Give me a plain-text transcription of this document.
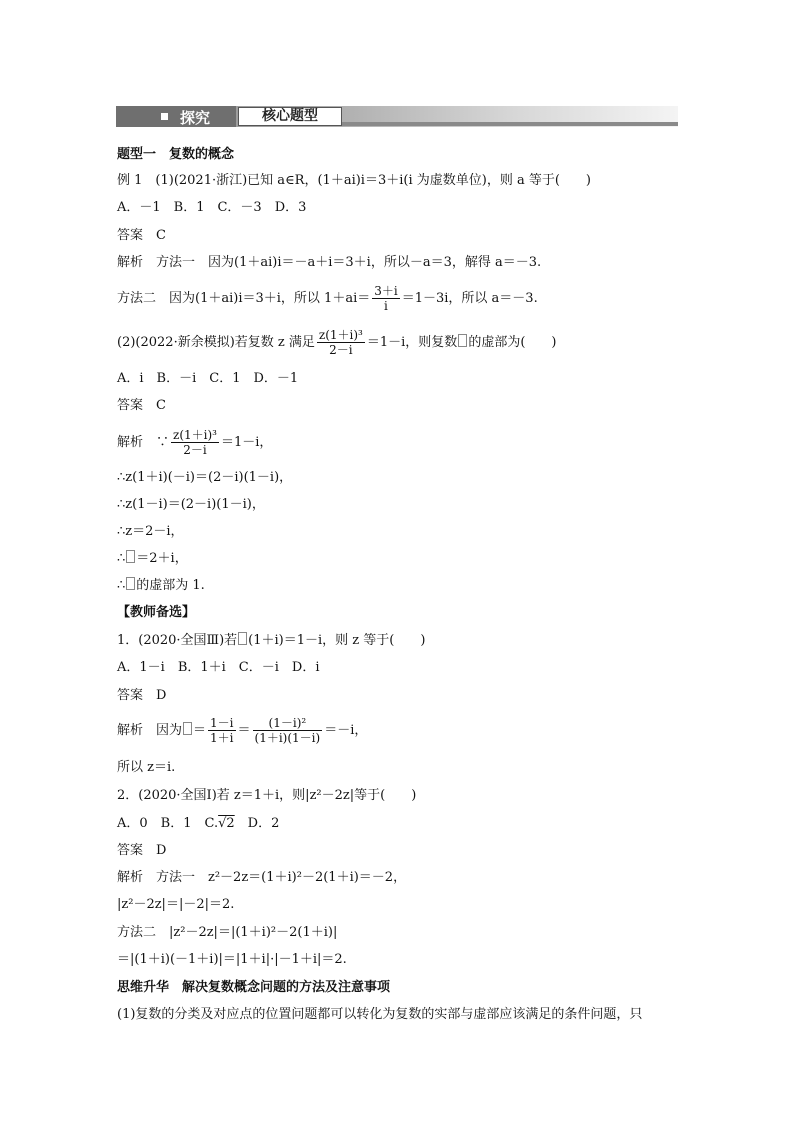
探究	核心题型
题型一　复数的概念
例 1　(1)(2021·浙江)已知 a∈R，(1＋ai)i＝3＋i(i 为虚数单位)，则 a 等于(　　)
A．－1　B．1　C．－3　D．3
答案　C
解析　方法一　因为(1＋ai)i＝－a＋i＝3＋i，所以－a＝3，解得 a＝－3.
方法二　因为(1＋ai)i＝3＋i，所以 $1+ai= \frac{3+i}{i} =1-3i$，所以 a＝－3.
(2)(2022·新余模拟)若复数 z 满足 $\frac{\text{z(1＋i)³}}{2-i} =1-i$，则复数 的虚部为(　　)
A．i　B．－i　C．1　D．－1
答案　C
解析　∵ $\frac{\text{z(1＋i)³}}{2-i} =1-i$，
∴z(1＋i)(－i)＝(2－i)(1－i)，
∴z(1－i)＝(2－i)(1－i)，
∴z＝2－i，
∴ ＝2＋i，
∴ 的虚部为 1.
【教师备选】
1．(2020·全国Ⅲ)若 (1＋i)＝1－i，则 z 等于(　　)
A．1－i　B．1＋i　C．－i　D．i
答案　D
解析　因为 ＝ $\frac{1-i}{1+i} = \frac{\text{(1－i)²}}{(1+i)(1-i)} =-i$，
所以 z＝i.
2．(2020·全国Ⅰ)若 z＝1＋i，则|z²－2z|等于(　　)
A．0　B．1　C.√2　D．2
答案　D
解析　方法一　z²－2z＝(1＋i)²－2(1＋i)＝－2，
|z²－2z|＝|－2|＝2.
方法二　|z²－2z|＝|(1＋i)²－2(1＋i)|
＝|(1＋i)(－1＋i)|＝|1＋i|·|－1＋i|＝2.
思维升华　解决复数概念问题的方法及注意事项
(1)复数的分类及对应点的位置问题都可以转化为复数的实部与虚部应该满足的条件问题，只
